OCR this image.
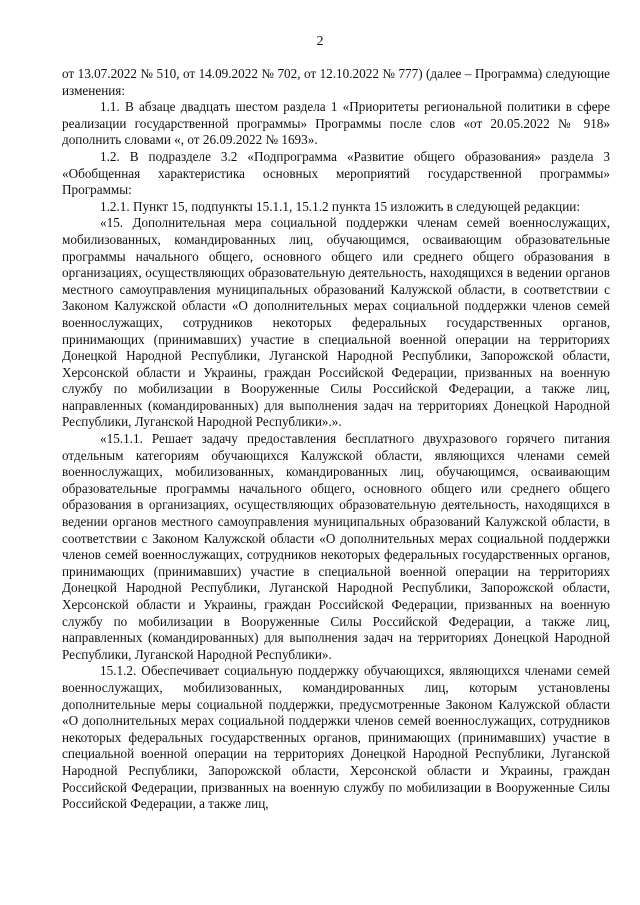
2

от 13.07.2022 № 510, от 14.09.2022 № 702, от 12.10.2022 № 777) (далее – Программа) следующие изменения:

1.1. В абзаце двадцать шестом раздела 1 «Приоритеты региональной политики в сфере реализации государственной программы» Программы после слов «от 20.05.2022 № 918» дополнить словами «, от 26.09.2022 № 1693».

1.2. В подразделе 3.2 «Подпрограмма «Развитие общего образования» раздела 3 «Обобщенная характеристика основных мероприятий государственной программы» Программы:

1.2.1. Пункт 15, подпункты 15.1.1, 15.1.2 пункта 15 изложить в следующей редакции:

«15. Дополнительная мера социальной поддержки членам семей военнослужащих, мобилизованных, командированных лиц, обучающимся, осваивающим образовательные программы начального общего, основного общего или среднего общего образования в организациях, осуществляющих образовательную деятельность, находящихся в ведении органов местного самоуправления муниципальных образований Калужской области, в соответствии с Законом Калужской области «О дополнительных мерах социальной поддержки членов семей военнослужащих, сотрудников некоторых федеральных государственных органов, принимающих (принимавших) участие в специальной военной операции на территориях Донецкой Народной Республики, Луганской Народной Республики, Запорожской области, Херсонской области и Украины, граждан Российской Федерации, призванных на военную службу по мобилизации в Вооруженные Силы Российской Федерации, а также лиц, направленных (командированных) для выполнения задач на территориях Донецкой Народной Республики, Луганской Народной Республики».».

«15.1.1. Решает задачу предоставления бесплатного двухразового горячего питания отдельным категориям обучающихся Калужской области, являющихся членами семей военнослужащих, мобилизованных, командированных лиц, обучающимся, осваивающим образовательные программы начального общего, основного общего или среднего общего образования в организациях, осуществляющих образовательную деятельность, находящихся в ведении органов местного самоуправления муниципальных образований Калужской области, в соответствии с Законом Калужской области «О дополнительных мерах социальной поддержки членов семей военнослужащих, сотрудников некоторых федеральных государственных органов, принимающих (принимавших) участие в специальной военной операции на территориях Донецкой Народной Республики, Луганской Народной Республики, Запорожской области, Херсонской области и Украины, граждан Российской Федерации, призванных на военную службу по мобилизации в Вооруженные Силы Российской Федерации, а также лиц, направленных (командированных) для выполнения задач на территориях Донецкой Народной Республики, Луганской Народной Республики».

15.1.2. Обеспечивает социальную поддержку обучающихся, являющихся членами семей военнослужащих, мобилизованных, командированных лиц, которым установлены дополнительные меры социальной поддержки, предусмотренные Законом Калужской области «О дополнительных мерах социальной поддержки членов семей военнослужащих, сотрудников некоторых федеральных государственных органов, принимающих (принимавших) участие в специальной военной операции на территориях Донецкой Народной Республики, Луганской Народной Республики, Запорожской области, Херсонской области и Украины, граждан Российской Федерации, призванных на военную службу по мобилизации в Вооруженные Силы Российской Федерации, а также лиц,
